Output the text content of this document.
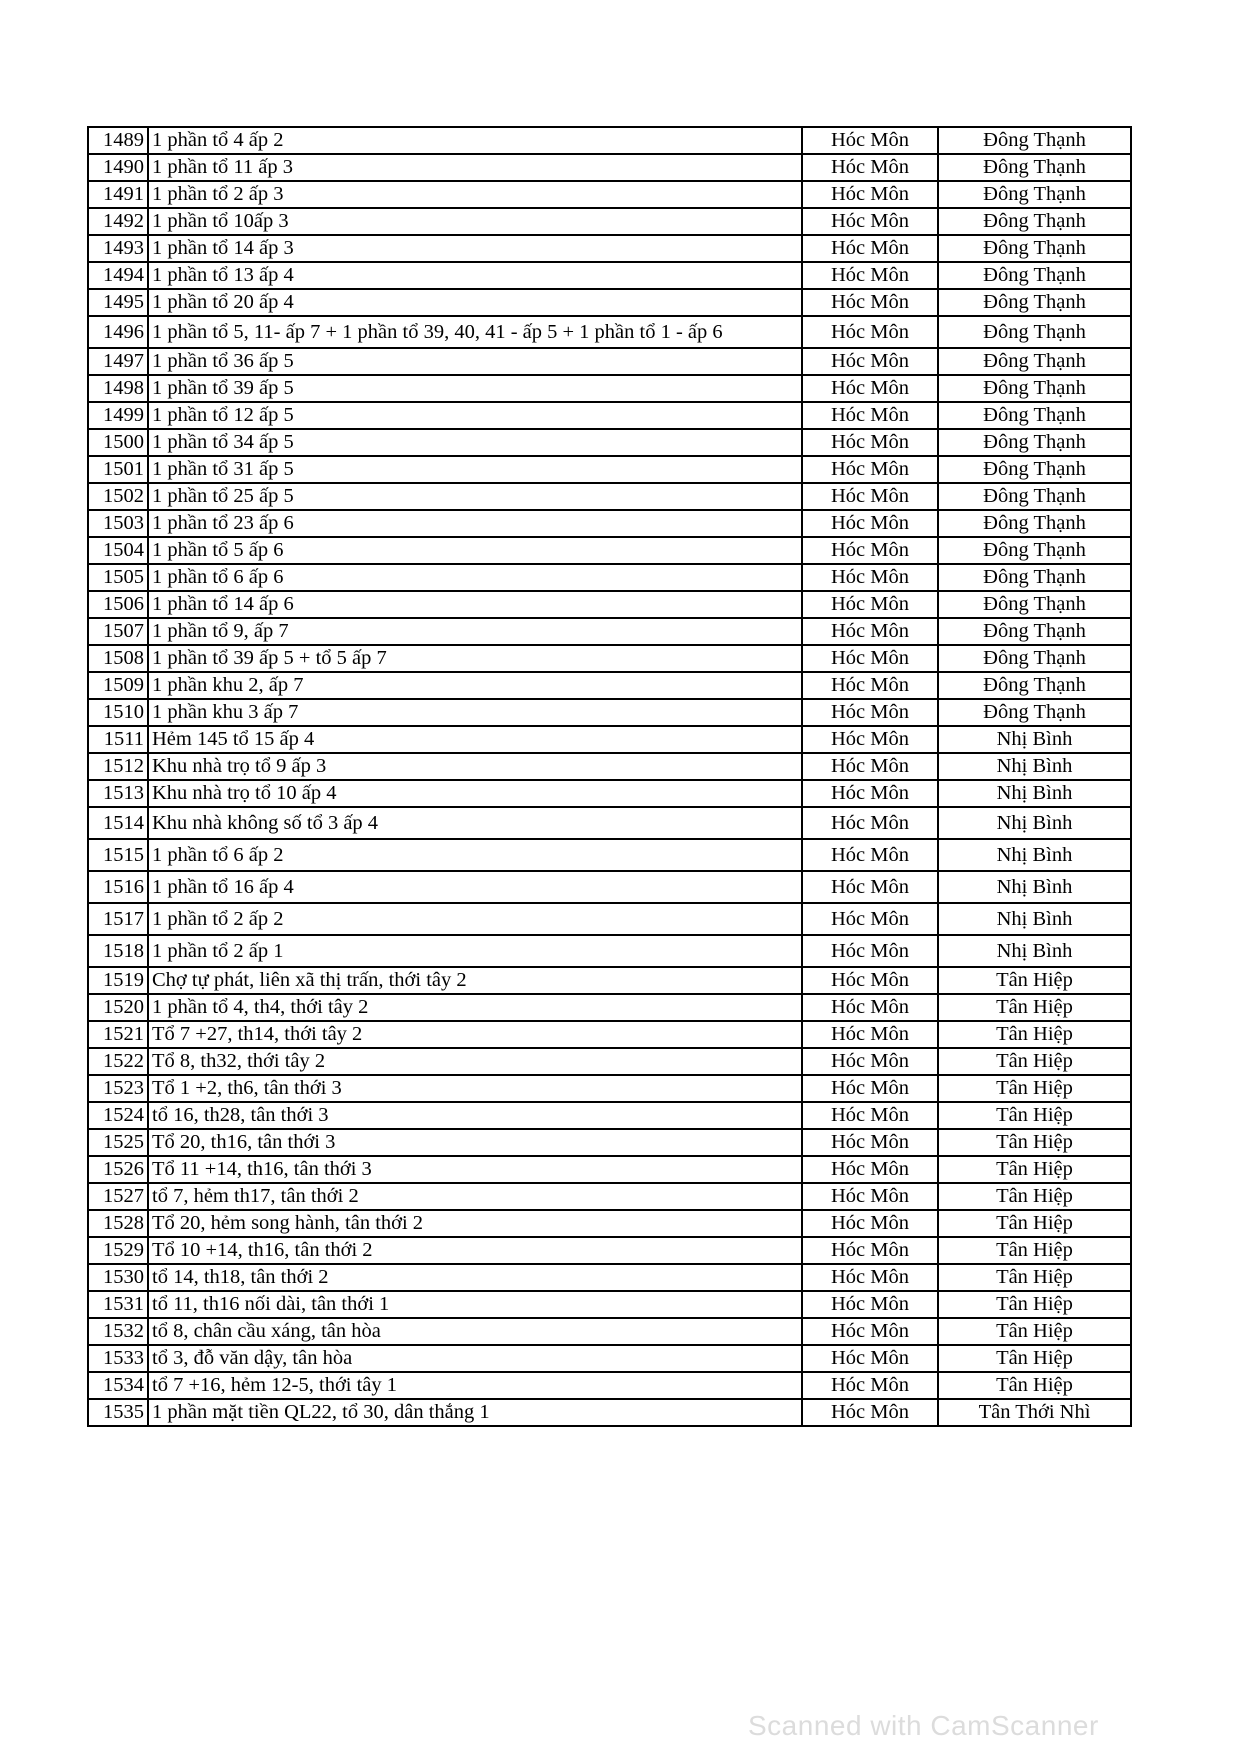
1489	1 phần tổ 4 ấp 2	Hóc Môn	Đông Thạnh
1490	1 phần tổ 11 ấp 3	Hóc Môn	Đông Thạnh
1491	1 phần tổ 2 ấp 3	Hóc Môn	Đông Thạnh
1492	1 phần tổ 10ấp 3	Hóc Môn	Đông Thạnh
1493	1 phần tổ 14 ấp 3	Hóc Môn	Đông Thạnh
1494	1 phần tổ 13 ấp 4	Hóc Môn	Đông Thạnh
1495	1 phần tổ 20 ấp 4	Hóc Môn	Đông Thạnh
1496	1 phần tổ 5, 11- ấp 7 + 1 phần tổ 39, 40, 41 - ấp 5 + 1 phần tổ 1 - ấp 6	Hóc Môn	Đông Thạnh
1497	1 phần tổ 36 ấp 5	Hóc Môn	Đông Thạnh
1498	1 phần tổ 39 ấp 5	Hóc Môn	Đông Thạnh
1499	1 phần tổ 12 ấp 5	Hóc Môn	Đông Thạnh
1500	1 phần tổ 34 ấp 5	Hóc Môn	Đông Thạnh
1501	1 phần tổ 31 ấp 5	Hóc Môn	Đông Thạnh
1502	1 phần tổ 25 ấp 5	Hóc Môn	Đông Thạnh
1503	1 phần tổ 23 ấp 6	Hóc Môn	Đông Thạnh
1504	1 phần tổ 5 ấp 6	Hóc Môn	Đông Thạnh
1505	1 phần tổ 6 ấp 6	Hóc Môn	Đông Thạnh
1506	1 phần tổ 14 ấp 6	Hóc Môn	Đông Thạnh
1507	1 phần tổ 9, ấp 7	Hóc Môn	Đông Thạnh
1508	1 phần tổ 39 ấp 5 + tổ 5 ấp 7	Hóc Môn	Đông Thạnh
1509	1 phần khu 2, ấp 7	Hóc Môn	Đông Thạnh
1510	1 phần khu 3 ấp 7	Hóc Môn	Đông Thạnh
1511	Hẻm 145 tổ 15 ấp 4	Hóc Môn	Nhị Bình
1512	Khu nhà trọ tổ 9 ấp 3	Hóc Môn	Nhị Bình
1513	Khu nhà trọ tổ 10 ấp 4	Hóc Môn	Nhị Bình
1514	Khu nhà không số tổ 3 ấp 4	Hóc Môn	Nhị Bình
1515	1 phần tổ 6 ấp 2	Hóc Môn	Nhị Bình
1516	1 phần tổ 16 ấp 4	Hóc Môn	Nhị Bình
1517	1 phần tổ 2 ấp 2	Hóc Môn	Nhị Bình
1518	1 phần tổ 2 ấp 1	Hóc Môn	Nhị Bình
1519	Chợ tự phát, liên xã thị trấn, thới tây 2	Hóc Môn	Tân Hiệp
1520	1 phần tổ 4, th4, thới tây 2	Hóc Môn	Tân Hiệp
1521	Tổ 7 +27, th14, thới tây 2	Hóc Môn	Tân Hiệp
1522	Tổ 8, th32, thới tây 2	Hóc Môn	Tân Hiệp
1523	Tổ 1 +2, th6, tân thới 3	Hóc Môn	Tân Hiệp
1524	tổ 16, th28, tân thới 3	Hóc Môn	Tân Hiệp
1525	Tổ 20, th16, tân thới 3	Hóc Môn	Tân Hiệp
1526	Tổ 11 +14, th16, tân thới 3	Hóc Môn	Tân Hiệp
1527	tổ 7, hẻm th17, tân thới 2	Hóc Môn	Tân Hiệp
1528	Tổ 20, hẻm song hành, tân thới 2	Hóc Môn	Tân Hiệp
1529	Tổ 10 +14, th16, tân thới 2	Hóc Môn	Tân Hiệp
1530	tổ 14, th18, tân thới 2	Hóc Môn	Tân Hiệp
1531	tổ 11, th16 nối dài, tân thới 1	Hóc Môn	Tân Hiệp
1532	tổ 8, chân cầu xáng, tân hòa	Hóc Môn	Tân Hiệp
1533	tổ 3, đỗ văn dậy, tân hòa	Hóc Môn	Tân Hiệp
1534	tổ 7 +16, hẻm 12-5, thới tây 1	Hóc Môn	Tân Hiệp
1535	1 phần mặt tiền QL22, tổ 30, dân thắng 1	Hóc Môn	Tân Thới Nhì
Scanned with CamScanner
